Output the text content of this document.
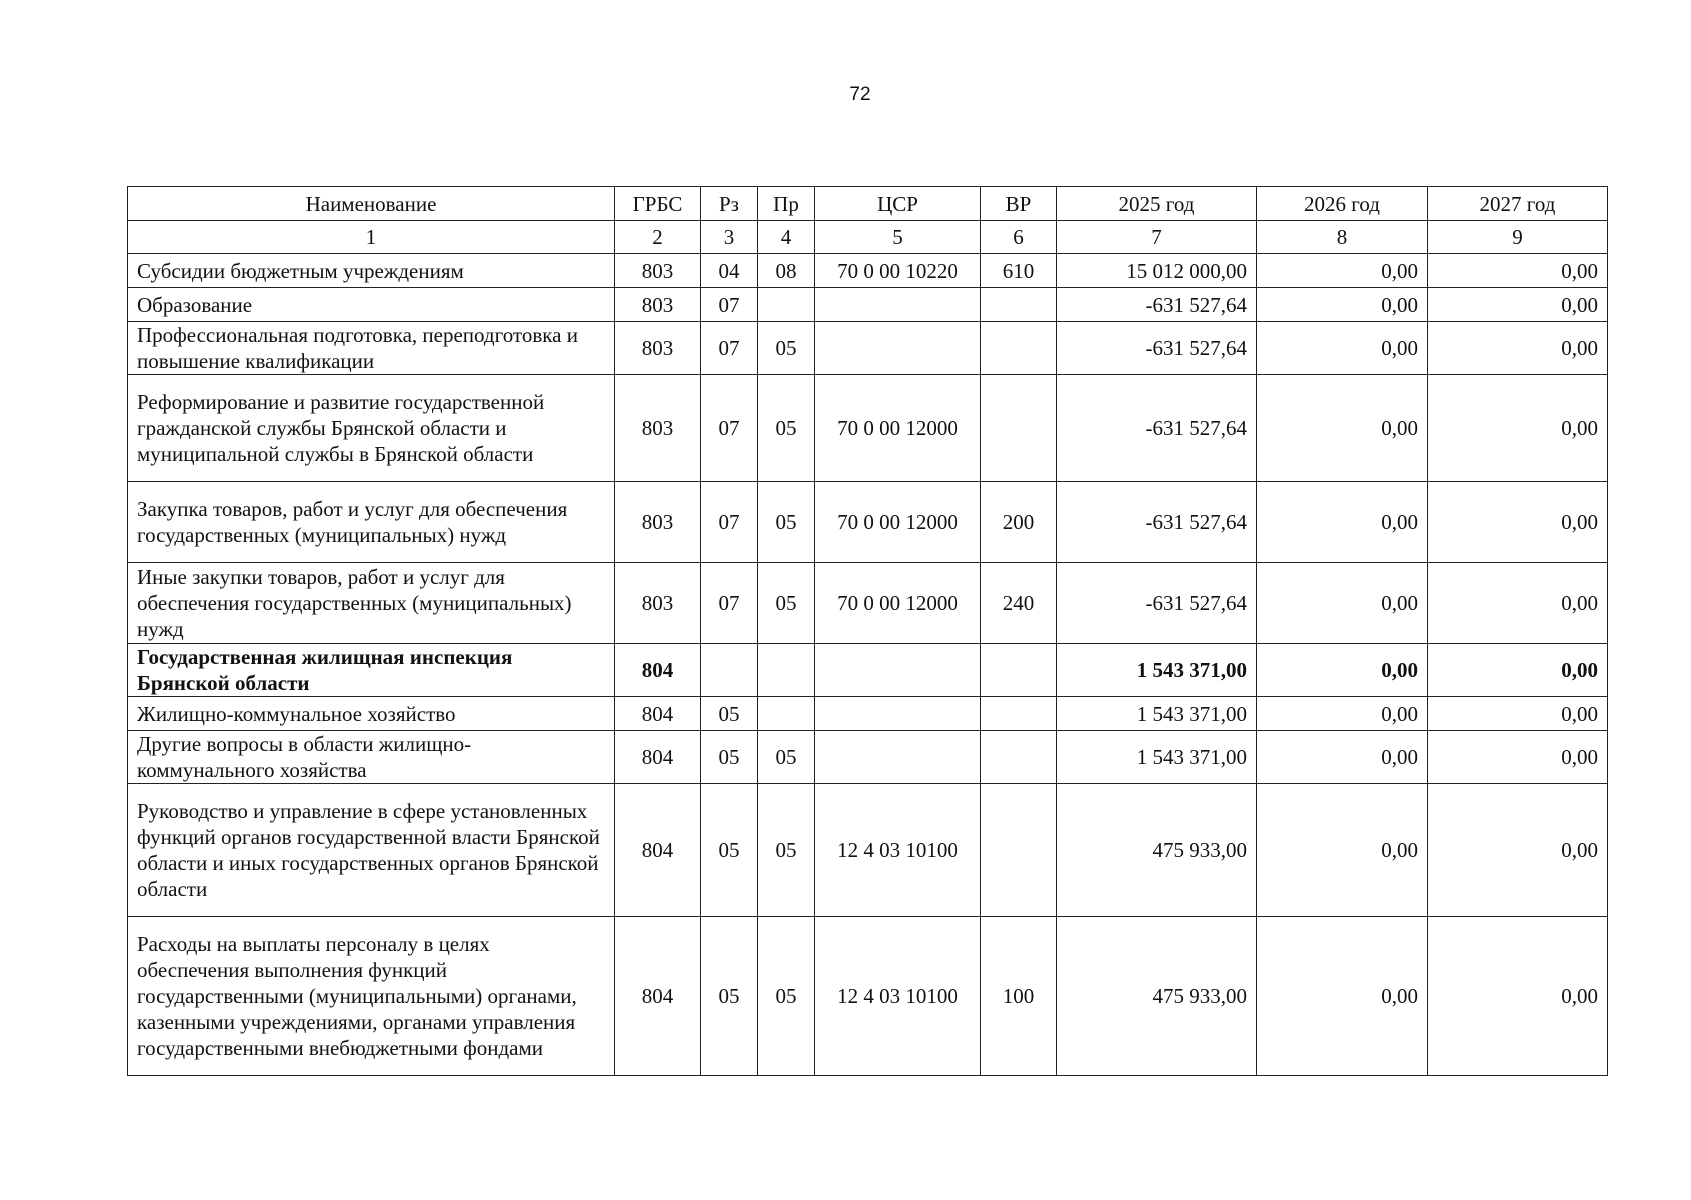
72
Наименование	ГРБС	Рз	Пр	ЦСР	ВР	2025 год	2026 год	2027 год
1	2	3	4	5	6	7	8	9
Субсидии бюджетным учреждениям	803	04	08	70 0 00 10220	610	15 012 000,00	0,00	0,00
Образование	803	07				-631 527,64	0,00	0,00
Профессиональная подготовка, переподготовка и повышение квалификации	803	07	05			-631 527,64	0,00	0,00
Реформирование и развитие государственной гражданской службы Брянской области и муниципальной службы в Брянской области	803	07	05	70 0 00 12000		-631 527,64	0,00	0,00
Закупка товаров, работ и услуг для обеспечения государственных (муниципальных) нужд	803	07	05	70 0 00 12000	200	-631 527,64	0,00	0,00
Иные закупки товаров, работ и услуг для обеспечения государственных (муниципальных) нужд	803	07	05	70 0 00 12000	240	-631 527,64	0,00	0,00
Государственная жилищная инспекция Брянской области	804					1 543 371,00	0,00	0,00
Жилищно-коммунальное хозяйство	804	05				1 543 371,00	0,00	0,00
Другие вопросы в области жилищно-коммунального хозяйства	804	05	05			1 543 371,00	0,00	0,00
Руководство и управление в сфере установленных функций органов государственной власти Брянской области и иных государственных органов Брянской области	804	05	05	12 4 03 10100		475 933,00	0,00	0,00
Расходы на выплаты персоналу в целях обеспечения выполнения функций государственными (муниципальными) органами, казенными учреждениями, органами управления государственными внебюджетными фондами	804	05	05	12 4 03 10100	100	475 933,00	0,00	0,00
